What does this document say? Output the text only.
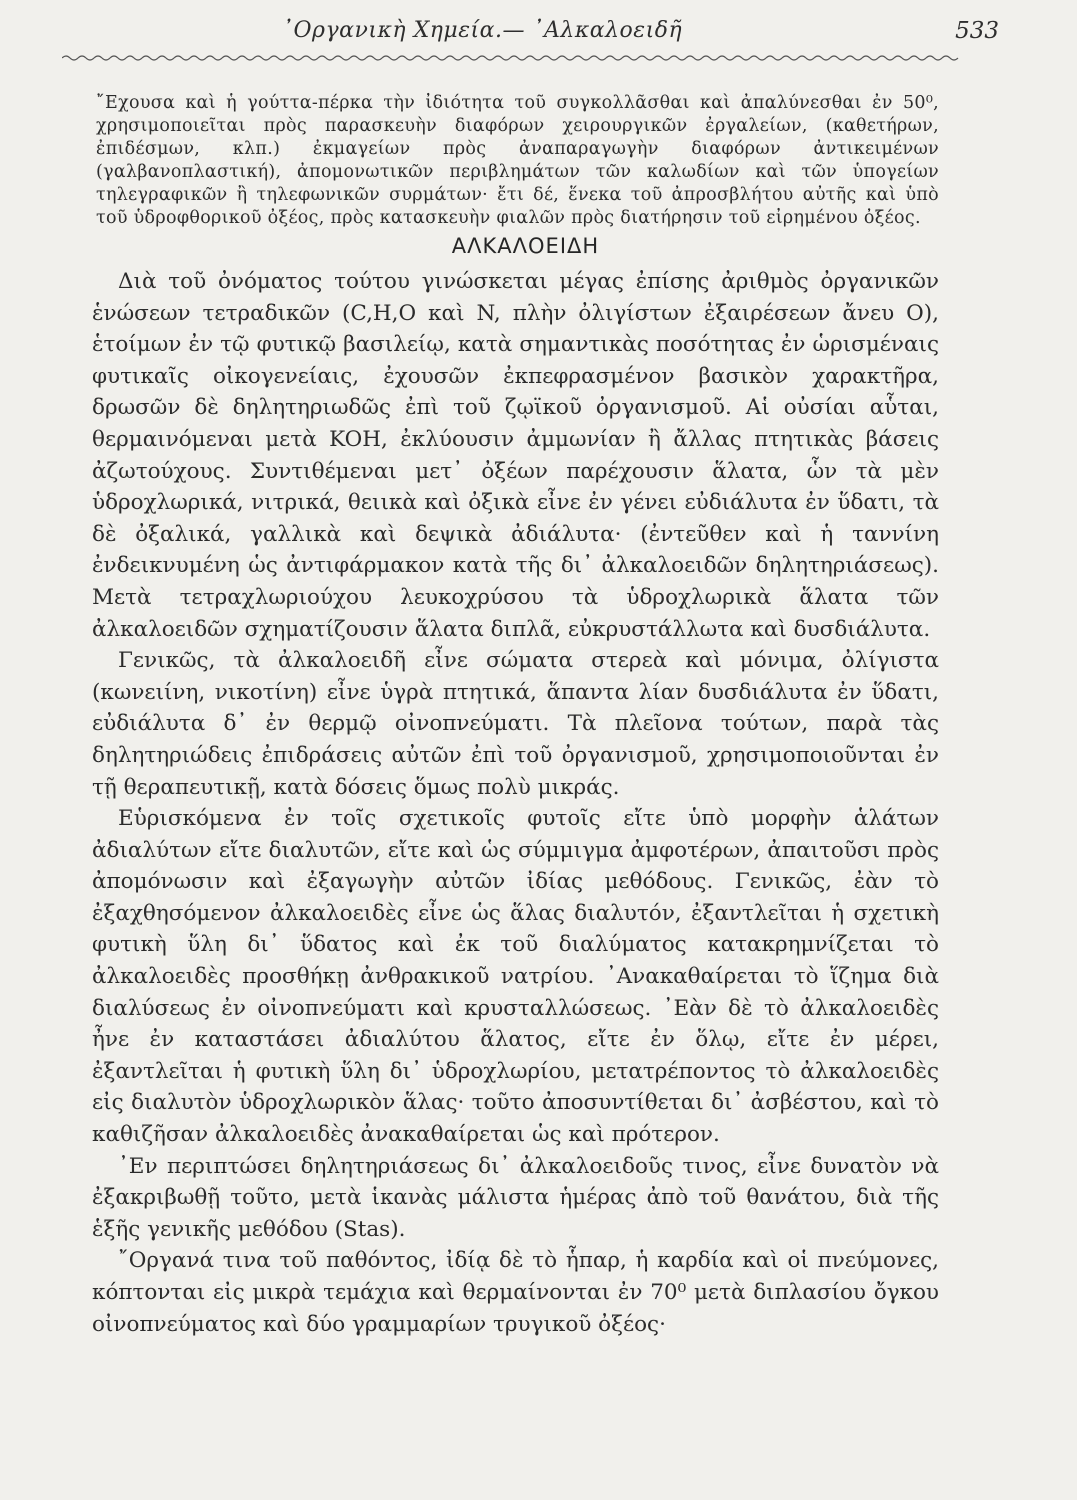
᾿Οργανικὴ Χημεία.— ᾿Αλκαλοειδῆ	533

῎Εχουσα καὶ ἡ γούττα-πέρκα τὴν ἰδιότητα τοῦ συγκολλᾶσθαι καὶ ἀπαλύνεσθαι ἐν 50⁰, χρησιμοποιεῖται πρὸς παρασκευὴν διαφόρων χειρουργικῶν ἐργαλείων, (καθετήρων, ἐπιδέσμων, κλπ.) ἐκμαγείων πρὸς ἀναπαραγωγὴν διαφόρων ἀντικειμένων (γαλβανοπλαστική), ἀπομονωτικῶν περιβλημάτων τῶν καλωδίων καὶ τῶν ὑπογείων τηλεγραφικῶν ἢ τηλεφωνικῶν συρμάτων· ἔτι δέ, ἕνεκα τοῦ ἀπροσβλήτου αὐτῆς καὶ ὑπὸ τοῦ ὑδροφθορικοῦ ὀξέος, πρὸς κατασκευὴν φιαλῶν πρὸς διατήρησιν τοῦ εἰρημένου ὀξέος.

ΑΛΚΑΛΟΕΙΔΗ

Διὰ τοῦ ὀνόματος τούτου γινώσκεται μέγας ἐπίσης ἀριθμὸς ὀργανικῶν ἑνώσεων τετραδικῶν (C,H,O καὶ N, πλὴν ὀλιγίστων ἐξαιρέσεων ἄνευ O), ἑτοίμων ἐν τῷ φυτικῷ βασιλείῳ, κατὰ σημαντικὰς ποσότητας ἐν ὡρισμέναις φυτικαῖς οἰκογενείαις, ἐχουσῶν ἐκπεφρασμένον βασικὸν χαρακτῆρα, δρωσῶν δὲ δηλητηριωδῶς ἐπὶ τοῦ ζῳϊκοῦ ὀργανισμοῦ. Αἱ οὐσίαι αὗται, θερμαινόμεναι μετὰ KOH, ἐκλύουσιν ἀμμωνίαν ἢ ἄλλας πτητικὰς βάσεις ἀζωτούχους. Συντιθέμεναι μετ᾿ ὀξέων παρέχουσιν ἅλατα, ὧν τὰ μὲν ὑδροχλωρικά, νιτρικά, θειικὰ καὶ ὀξικὰ εἶνε ἐν γένει εὐδιάλυτα ἐν ὕδατι, τὰ δὲ ὀξαλικά, γαλλικὰ καὶ δεψικὰ ἀδιάλυτα· (ἐντεῦθεν καὶ ἡ ταννίνη ἐνδεικνυμένη ὡς ἀντιφάρμακον κατὰ τῆς δι᾿ ἀλκαλοειδῶν δηλητηριάσεως). Μετὰ τετραχλωριούχου λευκοχρύσου τὰ ὑδροχλωρικὰ ἅλατα τῶν ἀλκαλοειδῶν σχηματίζουσιν ἅλατα διπλᾶ, εὐκρυστάλλωτα καὶ δυσδιάλυτα.

Γενικῶς, τὰ ἀλκαλοειδῆ εἶνε σώματα στερεὰ καὶ μόνιμα, ὀλίγιστα (κωνειίνη, νικοτίνη) εἶνε ὑγρὰ πτητικά, ἅπαντα λίαν δυσδιάλυτα ἐν ὕδατι, εὐδιάλυτα δ᾿ ἐν θερμῷ οἰνοπνεύματι. Τὰ πλεῖονα τούτων, παρὰ τὰς δηλητηριώδεις ἐπιδράσεις αὐτῶν ἐπὶ τοῦ ὀργανισμοῦ, χρησιμοποιοῦνται ἐν τῇ θεραπευτικῇ, κατὰ δόσεις ὅμως πολὺ μικράς.

Εὑρισκόμενα ἐν τοῖς σχετικοῖς φυτοῖς εἴτε ὑπὸ μορφὴν ἁλάτων ἀδιαλύτων εἴτε διαλυτῶν, εἴτε καὶ ὡς σύμμιγμα ἀμφοτέρων, ἀπαιτοῦσι πρὸς ἀπομόνωσιν καὶ ἐξαγωγὴν αὐτῶν ἰδίας μεθόδους. Γενικῶς, ἐὰν τὸ ἐξαχθησόμενον ἀλκαλοειδὲς εἶνε ὡς ἅλας διαλυτόν, ἐξαντλεῖται ἡ σχετικὴ φυτικὴ ὕλη δι᾿ ὕδατος καὶ ἐκ τοῦ διαλύματος κατακρημνίζεται τὸ ἀλκαλοειδὲς προσθήκῃ ἀνθρακικοῦ νατρίου. ᾿Ανακαθαίρεται τὸ ἵζημα διὰ διαλύσεως ἐν οἰνοπνεύματι καὶ κρυσταλλώσεως. ᾿Εὰν δὲ τὸ ἀλκαλοειδὲς ἦνε ἐν καταστάσει ἀδιαλύτου ἅλατος, εἴτε ἐν ὅλῳ, εἴτε ἐν μέρει, ἐξαντλεῖται ἡ φυτικὴ ὕλη δι᾿ ὑδροχλωρίου, μετατρέποντος τὸ ἀλκαλοειδὲς εἰς διαλυτὸν ὑδροχλωρικὸν ἅλας· τοῦτο ἀποσυντίθεται δι᾿ ἀσβέστου, καὶ τὸ καθιζῆσαν ἀλκαλοειδὲς ἀνακαθαίρεται ὡς καὶ πρότερον.

᾿Εν περιπτώσει δηλητηριάσεως δι᾿ ἀλκαλοειδοῦς τινος, εἶνε δυνατὸν νὰ ἐξακριβωθῇ τοῦτο, μετὰ ἱκανὰς μάλιστα ἡμέρας ἀπὸ τοῦ θανάτου, διὰ τῆς ἑξῆς γενικῆς μεθόδου (Stas).

῎Οργανά τινα τοῦ παθόντος, ἰδίᾳ δὲ τὸ ἧπαρ, ἡ καρδία καὶ οἱ πνεύμονες, κόπτονται εἰς μικρὰ τεμάχια καὶ θερμαίνονται ἐν 70⁰ μετὰ διπλασίου ὄγκου οἰνοπνεύματος καὶ δύο γραμμαρίων τρυγικοῦ ὀξέος·
